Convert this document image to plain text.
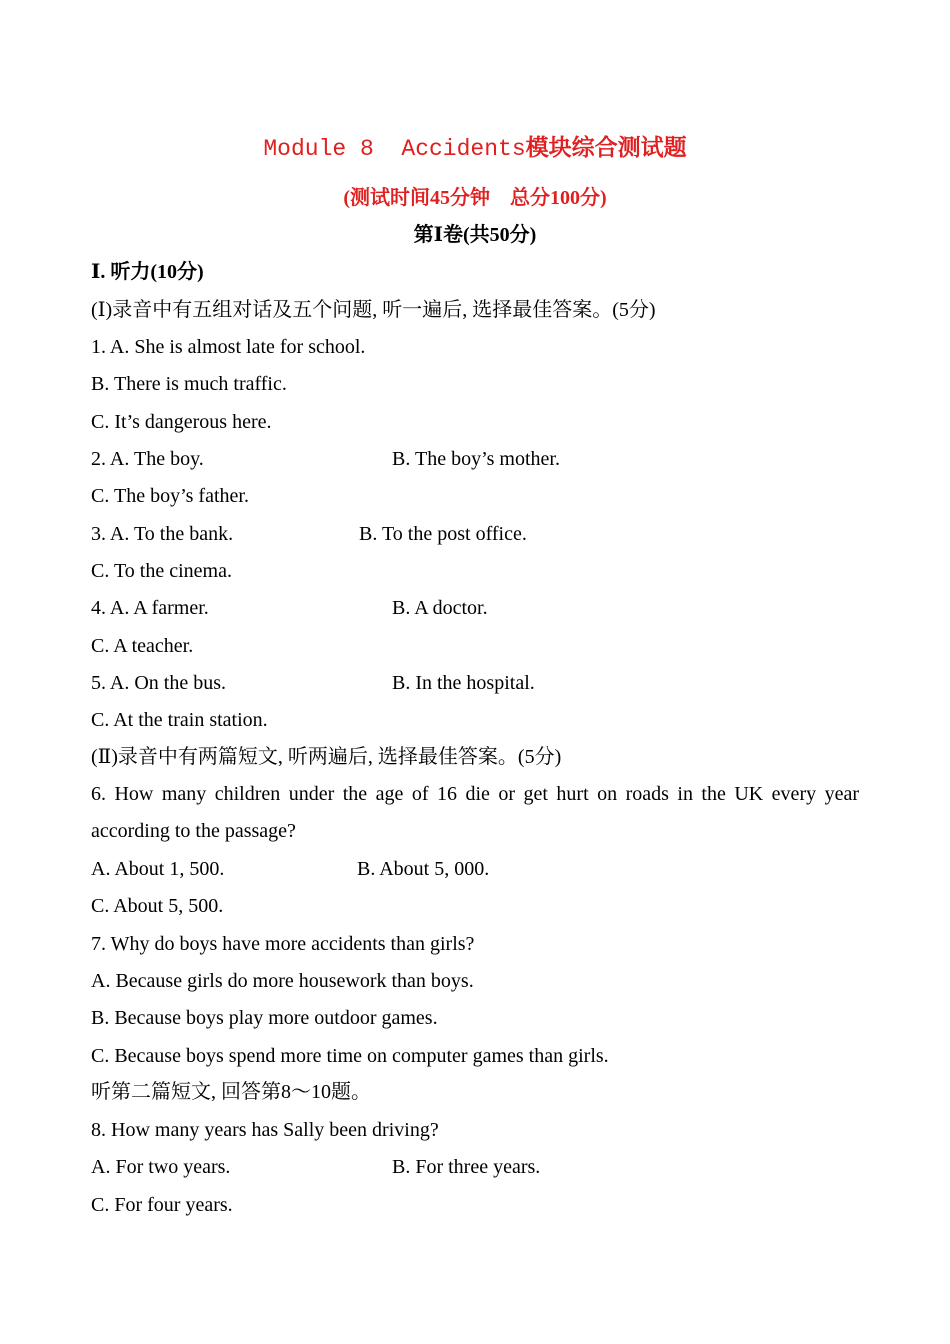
Module 8  Accidents模块综合测试题
(测试时间45分钟    总分100分)
第Ⅰ卷(共50分)
Ⅰ. 听力(10分)
(Ⅰ)录音中有五组对话及五个问题, 听一遍后, 选择最佳答案。(5分)
1. A. She is almost late for school.
B. There is much traffic.
C. It’s dangerous here.
2. A. The boy.	B. The boy’s mother.
C. The boy’s father.
3. A. To the bank.	B. To the post office.
C. To the cinema.
4. A. A farmer.	B. A doctor.
C. A teacher.
5. A. On the bus.	B. In the hospital.
C. At the train station.
(Ⅱ)录音中有两篇短文, 听两遍后, 选择最佳答案。(5分)
6. How many children under the age of 16 die or get hurt on roads in the UK every year according to the passage?
A. About 1, 500.	B. About 5, 000.
C. About 5, 500.
7. Why do boys have more accidents than girls?
A. Because girls do more housework than boys.
B. Because boys play more outdoor games.
C. Because boys spend more time on computer games than girls.
听第二篇短文, 回答第8～10题。
8. How many years has Sally been driving?
A. For two years.	B. For three years.
C. For four years.
